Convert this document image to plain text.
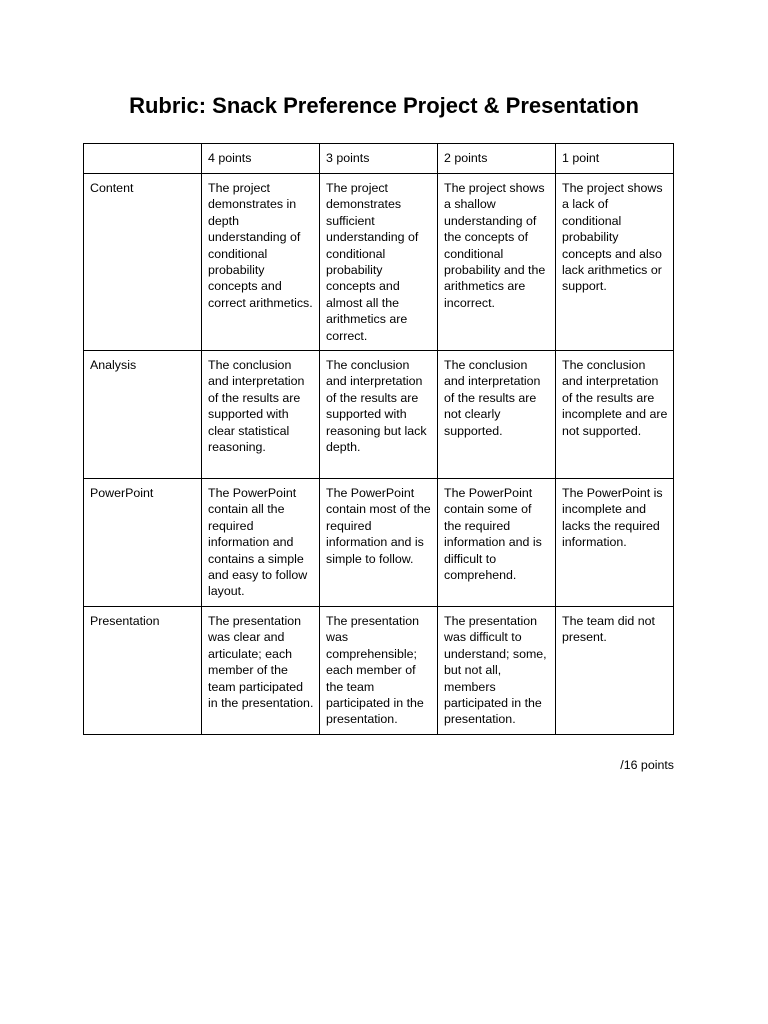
Rubric: Snack Preference Project & Presentation
	4 points	3 points	2 points	1 point
Content	The project demonstrates in depth understanding of conditional probability concepts and correct arithmetics.	The project demonstrates sufficient understanding of conditional probability concepts and almost all the arithmetics are correct.	The project shows a shallow understanding of the concepts of conditional probability and the arithmetics are incorrect.	The project shows a lack of conditional probability concepts and also lack arithmetics or support.
Analysis	The conclusion and interpretation of the results are supported with clear statistical reasoning.	The conclusion and interpretation of the results are supported with reasoning but lack depth.	The conclusion and interpretation of the results are not clearly supported.	The conclusion and interpretation of the results are incomplete and are not supported.
PowerPoint	The PowerPoint contain all the required information and contains a simple and easy to follow layout.	The PowerPoint contain most of the required information and is simple to follow.	The PowerPoint contain some of the required information and is difficult to comprehend.	The PowerPoint is incomplete and lacks the required information.
Presentation	The presentation was clear and articulate; each member of the team participated in the presentation.	The presentation was comprehensible; each member of the team participated in the presentation.	The presentation was difficult to understand; some, but not all, members participated in the presentation.	The team did not present.
/16 points
